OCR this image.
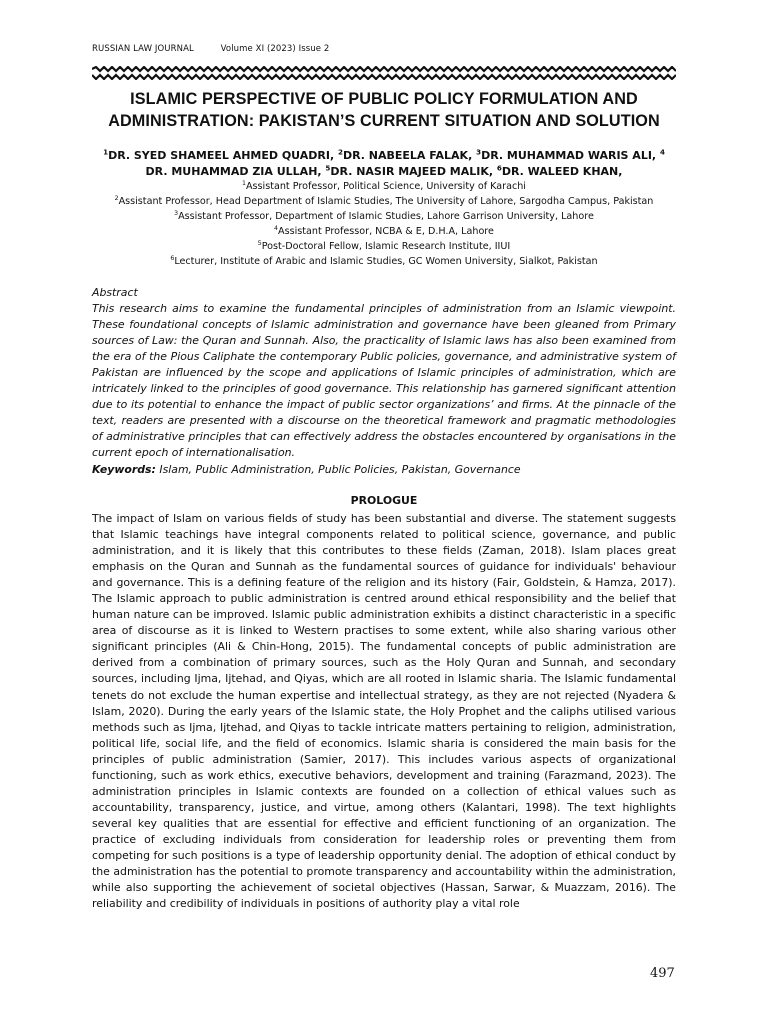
RUSSIAN LAW JOURNAL	Volume XI (2023) Issue 2
ISLAMIC PERSPECTIVE OF PUBLIC POLICY FORMULATION AND
ADMINISTRATION: PAKISTAN’S CURRENT SITUATION AND SOLUTION
$^1$DR. SYED SHAMEEL AHMED QUADRI, $^2$DR. NABEELA FALAK, $^3$DR. MUHAMMAD WARIS ALI, $^4$
DR. MUHAMMAD ZIA ULLAH, $^5$DR. NASIR MAJEED MALIK, $^6$DR. WALEED KHAN,
$^1$Assistant Professor, Political Science, University of Karachi
$^2$Assistant Professor, Head Department of Islamic Studies, The University of Lahore, Sargodha Campus, Pakistan
$^3$Assistant Professor, Department of Islamic Studies, Lahore Garrison University, Lahore
$^4$Assistant Professor, NCBA & E, D.H.A, Lahore
$^5$Post-Doctoral Fellow, Islamic Research Institute, IIUI
$^6$Lecturer, Institute of Arabic and Islamic Studies, GC Women University, Sialkot, Pakistan
Abstract

This research aims to examine the fundamental principles of administration from an Islamic viewpoint. These foundational concepts of Islamic administration and governance have been gleaned from Primary sources of Law: the Quran and Sunnah. Also, the practicality of Islamic laws has also been examined from the era of the Pious Caliphate the contemporary Public policies, governance, and administrative system of Pakistan are influenced by the scope and applications of Islamic principles of administration, which are intricately linked to the principles of good governance. This relationship has garnered significant attention due to its potential to enhance the impact of public sector organizations’ and firms. At the pinnacle of the text, readers are presented with a discourse on the theoretical framework and pragmatic methodologies of administrative principles that can effectively address the obstacles encountered by organisations in the current epoch of internationalisation.

Keywords: Islam, Public Administration, Public Policies, Pakistan, Governance
PROLOGUE

The impact of Islam on various fields of study has been substantial and diverse. The statement suggests that Islamic teachings have integral components related to political science, governance, and public administration, and it is likely that this contributes to these fields (Zaman, 2018). Islam places great emphasis on the Quran and Sunnah as the fundamental sources of guidance for individuals' behaviour and governance. This is a defining feature of the religion and its history (Fair, Goldstein, & Hamza, 2017). The Islamic approach to public administration is centred around ethical responsibility and the belief that human nature can be improved. Islamic public administration exhibits a distinct characteristic in a specific area of discourse as it is linked to Western practises to some extent, while also sharing various other significant principles (Ali & Chin-Hong, 2015). The fundamental concepts of public administration are derived from a combination of primary sources, such as the Holy Quran and Sunnah, and secondary sources, including Ijma, Ijtehad, and Qiyas, which are all rooted in Islamic sharia. The Islamic fundamental tenets do not exclude the human expertise and intellectual strategy, as they are not rejected (Nyadera & Islam, 2020). During the early years of the Islamic state, the Holy Prophet and the caliphs utilised various methods such as Ijma, Ijtehad, and Qiyas to tackle intricate matters pertaining to religion, administration, political life, social life, and the field of economics. Islamic sharia is considered the main basis for the principles of public administration (Samier, 2017). This includes various aspects of organizational functioning, such as work ethics, executive behaviors, development and training (Farazmand, 2023). The administration principles in Islamic contexts are founded on a collection of ethical values such as accountability, transparency, justice, and virtue, among others (Kalantari, 1998). The text highlights several key qualities that are essential for effective and efficient functioning of an organization. The practice of excluding individuals from consideration for leadership roles or preventing them from competing for such positions is a type of leadership opportunity denial. The adoption of ethical conduct by the administration has the potential to promote transparency and accountability within the administration, while also supporting the achievement of societal objectives (Hassan, Sarwar, & Muazzam, 2016). The reliability and credibility of individuals in positions of authority play a vital role

497
